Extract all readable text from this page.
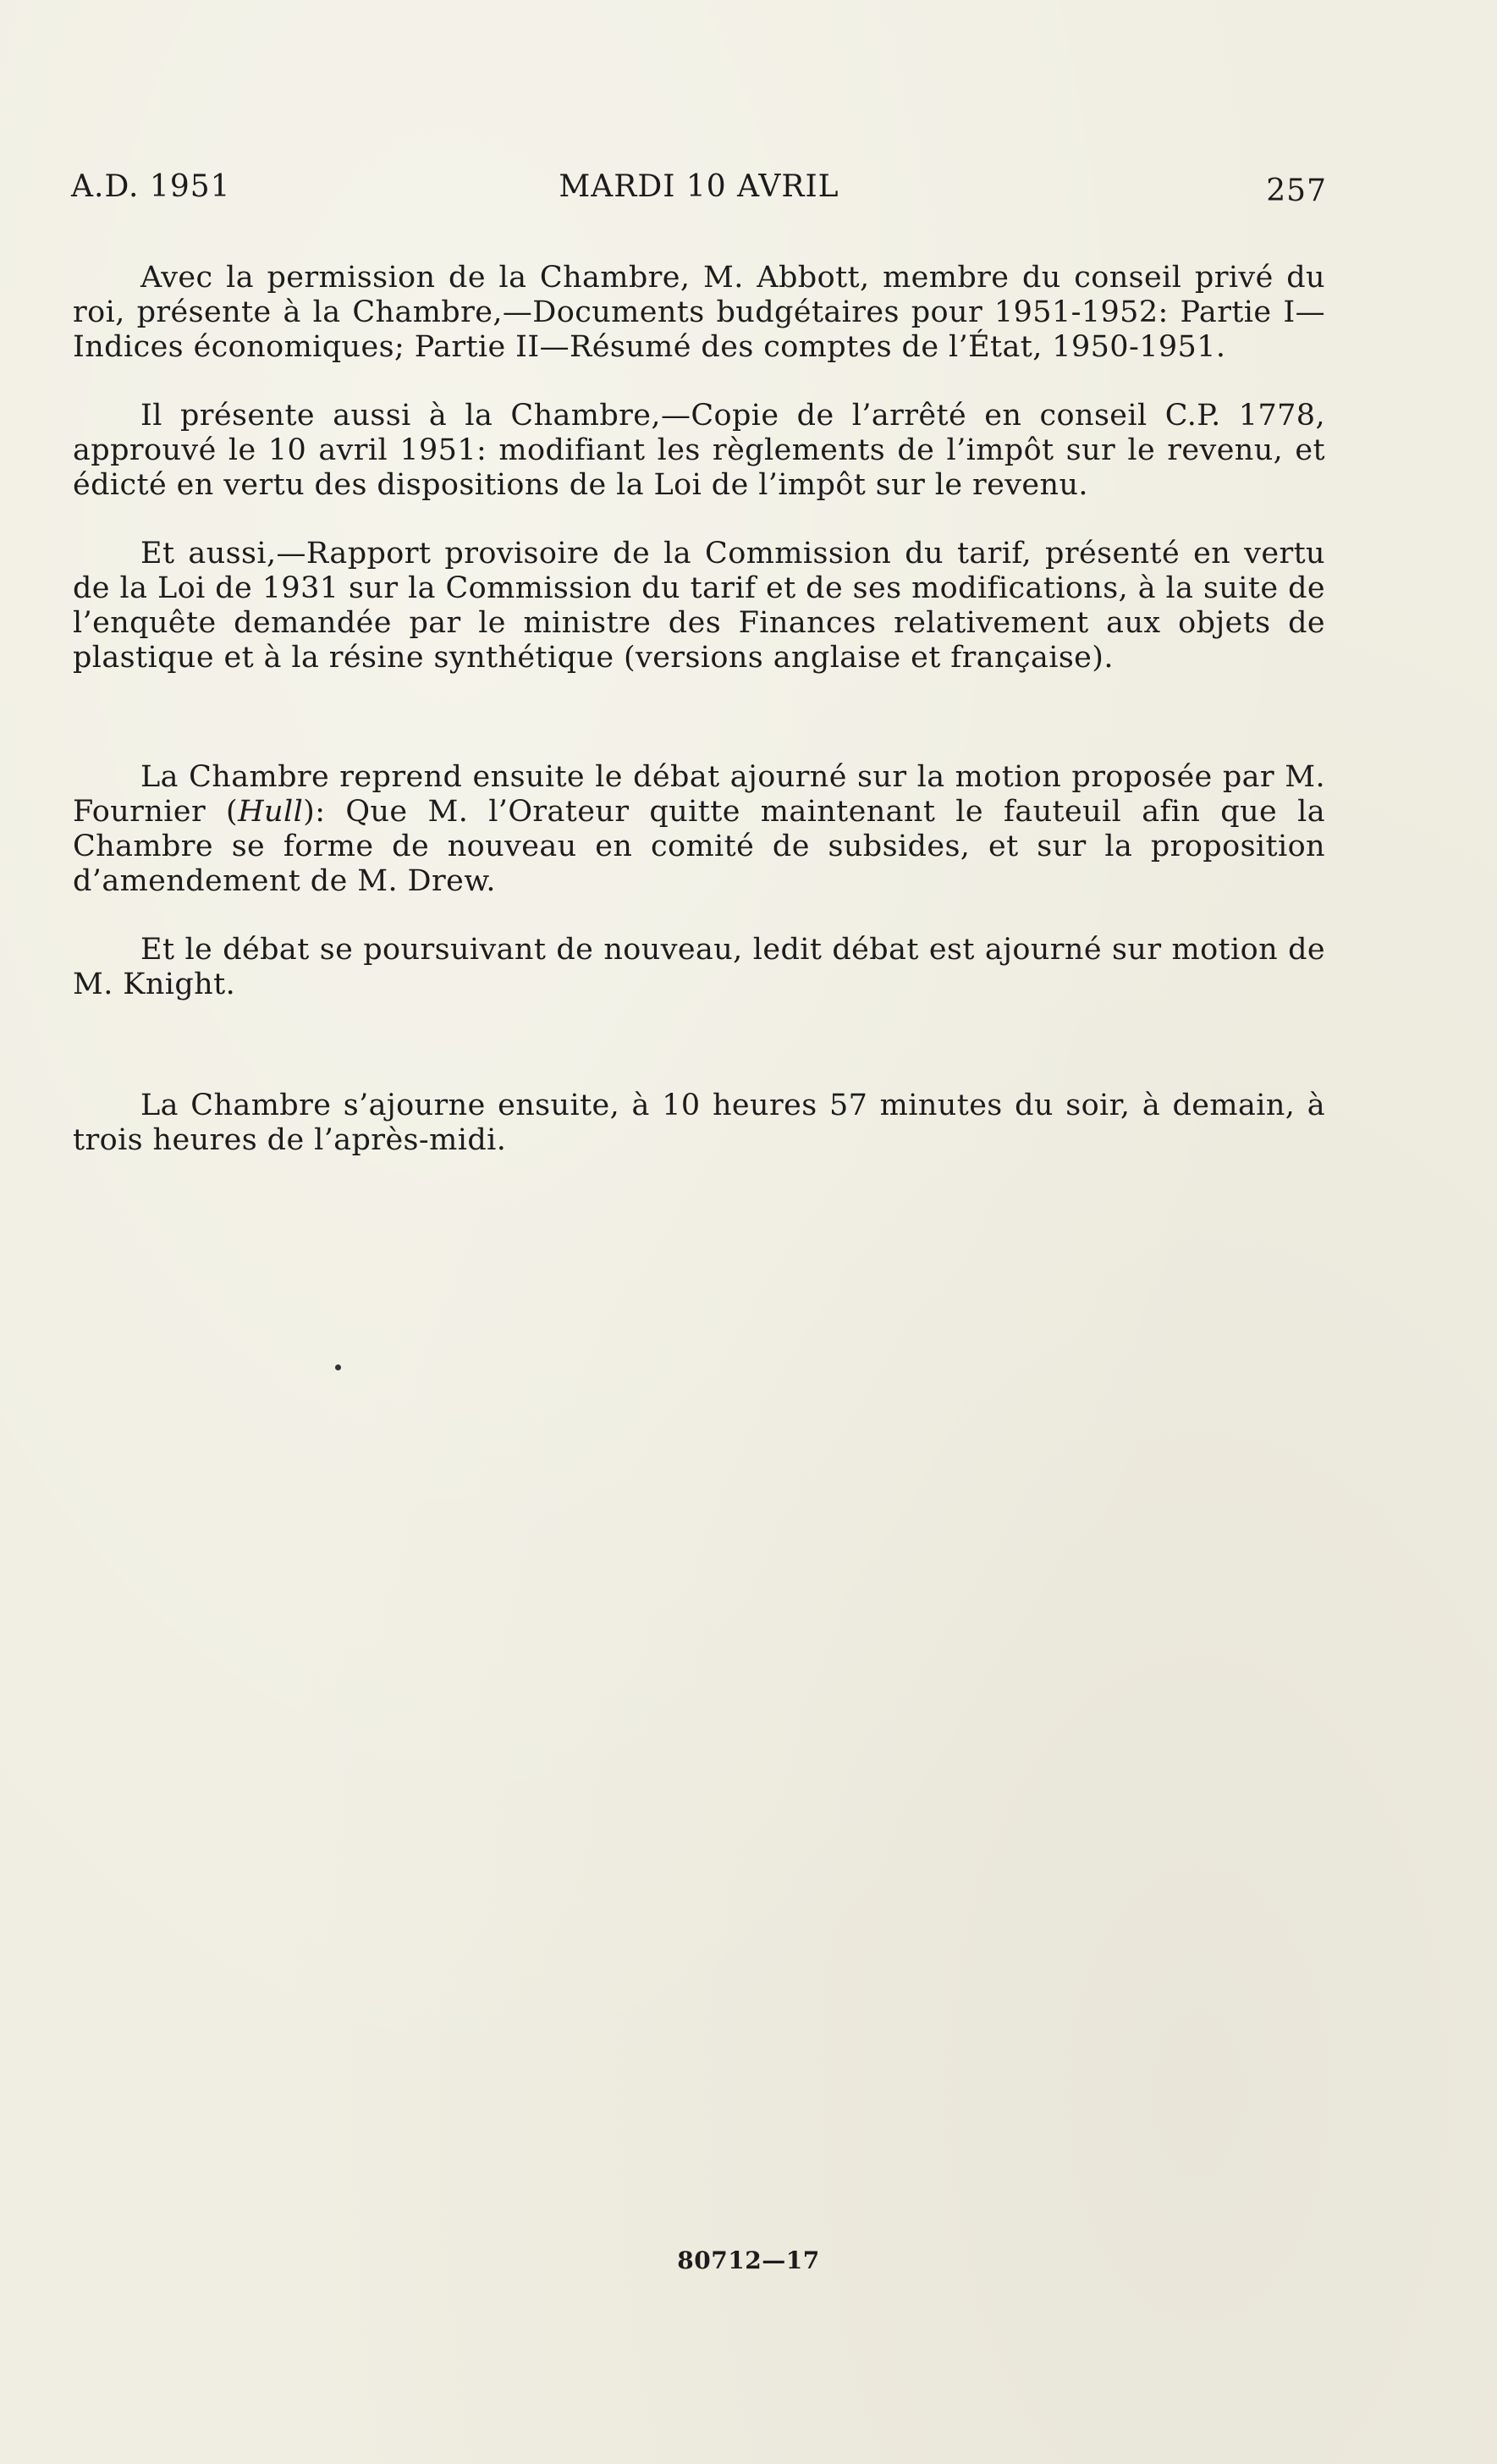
A.D. 1951	MARDI 10 AVRIL	257

Avec la permission de la Chambre, M. Abbott, membre du conseil privé du roi, présente à la Chambre,—Documents budgétaires pour 1951-1952: Partie I—Indices économiques; Partie II—Résumé des comptes de l’État, 1950-1951.

Il présente aussi à la Chambre,—Copie de l’arrêté en conseil C.P. 1778, approuvé le 10 avril 1951: modifiant les règlements de l’impôt sur le revenu, et édicté en vertu des dispositions de la Loi de l’impôt sur le revenu.

Et aussi,—Rapport provisoire de la Commission du tarif, présenté en vertu de la Loi de 1931 sur la Commission du tarif et de ses modifications, à la suite de l’enquête demandée par le ministre des Finances relativement aux objets de plastique et à la résine synthétique (versions anglaise et française).

La Chambre reprend ensuite le débat ajourné sur la motion proposée par M. Fournier (Hull): Que M. l’Orateur quitte maintenant le fauteuil afin que la Chambre se forme de nouveau en comité de subsides, et sur la proposition d’amendement de M. Drew.

Et le débat se poursuivant de nouveau, ledit débat est ajourné sur motion de M. Knight.

La Chambre s’ajourne ensuite, à 10 heures 57 minutes du soir, à demain, à trois heures de l’après-midi.

80712—17
